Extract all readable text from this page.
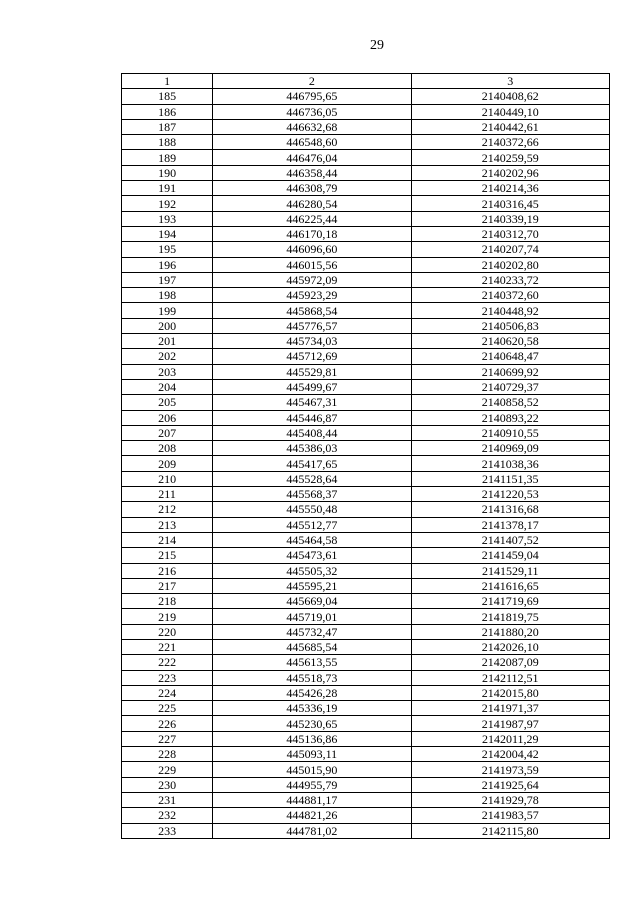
29
1	2	3
185	446795,65	2140408,62
186	446736,05	2140449,10
187	446632,68	2140442,61
188	446548,60	2140372,66
189	446476,04	2140259,59
190	446358,44	2140202,96
191	446308,79	2140214,36
192	446280,54	2140316,45
193	446225,44	2140339,19
194	446170,18	2140312,70
195	446096,60	2140207,74
196	446015,56	2140202,80
197	445972,09	2140233,72
198	445923,29	2140372,60
199	445868,54	2140448,92
200	445776,57	2140506,83
201	445734,03	2140620,58
202	445712,69	2140648,47
203	445529,81	2140699,92
204	445499,67	2140729,37
205	445467,31	2140858,52
206	445446,87	2140893,22
207	445408,44	2140910,55
208	445386,03	2140969,09
209	445417,65	2141038,36
210	445528,64	2141151,35
211	445568,37	2141220,53
212	445550,48	2141316,68
213	445512,77	2141378,17
214	445464,58	2141407,52
215	445473,61	2141459,04
216	445505,32	2141529,11
217	445595,21	2141616,65
218	445669,04	2141719,69
219	445719,01	2141819,75
220	445732,47	2141880,20
221	445685,54	2142026,10
222	445613,55	2142087,09
223	445518,73	2142112,51
224	445426,28	2142015,80
225	445336,19	2141971,37
226	445230,65	2141987,97
227	445136,86	2142011,29
228	445093,11	2142004,42
229	445015,90	2141973,59
230	444955,79	2141925,64
231	444881,17	2141929,78
232	444821,26	2141983,57
233	444781,02	2142115,80
